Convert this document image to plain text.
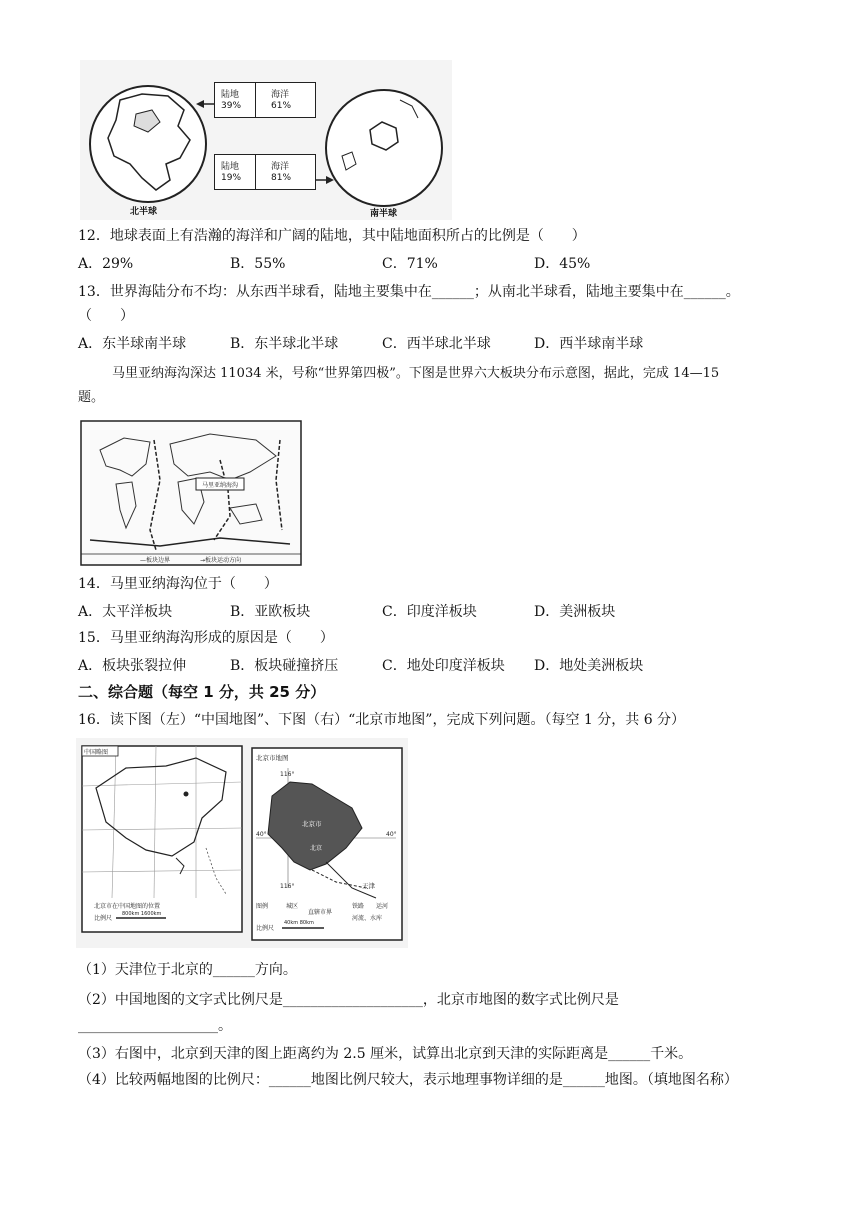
陆地
39%
海洋
61%
陆地
19%
海洋
81%
北半球	南半球
12．地球表面上有浩瀚的海洋和广阔的陆地，其中陆地面积所占的比例是（　　）
A．29%	B．55%	C．71%	D．45%
13．世界海陆分布不均：从东西半球看，陆地主要集中在______；从南北半球看，陆地主要集中在______。
（　　）
A．东半球南半球	B．东半球北半球	C．西半球北半球	D．西半球南半球
马里亚纳海沟深达 11034 米，号称“世界第四极”。下图是世界六大板块分布示意图，据此，完成 14—15
题。
马里亚纳海沟
—板块边界	→板块运动方向
14．马里亚纳海沟位于（　　）
A．太平洋板块	B．亚欧板块	C．印度洋板块	D．美洲板块
15．马里亚纳海沟形成的原因是（　　）
A．板块张裂拉伸	B．板块碰撞挤压	C．地处印度洋板块 D．地处美洲板块
二、综合题（每空 1 分，共 25 分）
16．读下图（左）“中国地图”、下图（右）“北京市地图”，完成下列问题。（每空 1 分，共 6 分）
中国略图
北京市在中国地图的位置
比例尺
800km 1600km
北京市地图
116°
116°
40°
40°
北京市
北京
天津
图例	城区
直辖市界
铁路 运河
河流、水库
比例尺
40km 80km
（1）天津位于北京的______方向。
（2）中国地图的文字式比例尺是____________________，北京市地图的数字式比例尺是
____________________。
（3）右图中，北京到天津的图上距离约为 2.5 厘米，试算出北京到天津的实际距离是______千米。
（4）比较两幅地图的比例尺：______地图比例尺较大，表示地理事物详细的是______地图。（填地图名称）
